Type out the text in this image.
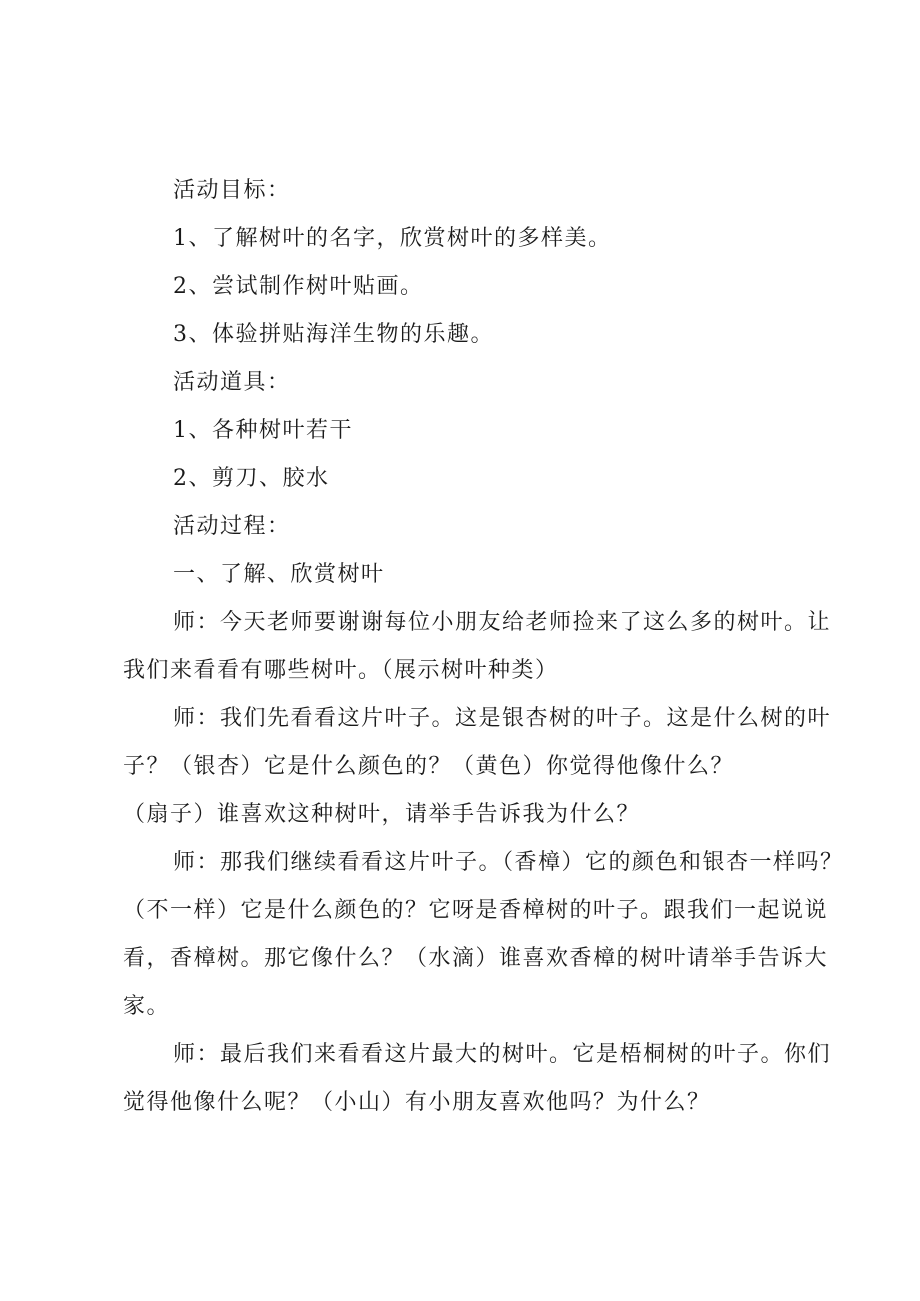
活动目标：
1、了解树叶的名字，欣赏树叶的多样美。
2、尝试制作树叶贴画。
3、体验拼贴海洋生物的乐趣。
活动道具：
1、各种树叶若干
2、剪刀、胶水
活动过程：
一、了解、欣赏树叶
师：今天老师要谢谢每位小朋友给老师捡来了这么多的树叶。让
我们来看看有哪些树叶。（展示树叶种类）
师：我们先看看这片叶子。这是银杏树的叶子。这是什么树的叶
子？（银杏）它是什么颜色的？（黄色）你觉得他像什么？
（扇子）谁喜欢这种树叶，请举手告诉我为什么？
师：那我们继续看看这片叶子。（香樟）它的颜色和银杏一样吗？
（不一样）它是什么颜色的？它呀是香樟树的叶子。跟我们一起说说
看，香樟树。那它像什么？（水滴）谁喜欢香樟的树叶请举手告诉大
家。
师：最后我们来看看这片最大的树叶。它是梧桐树的叶子。你们
觉得他像什么呢？（小山）有小朋友喜欢他吗？为什么？
